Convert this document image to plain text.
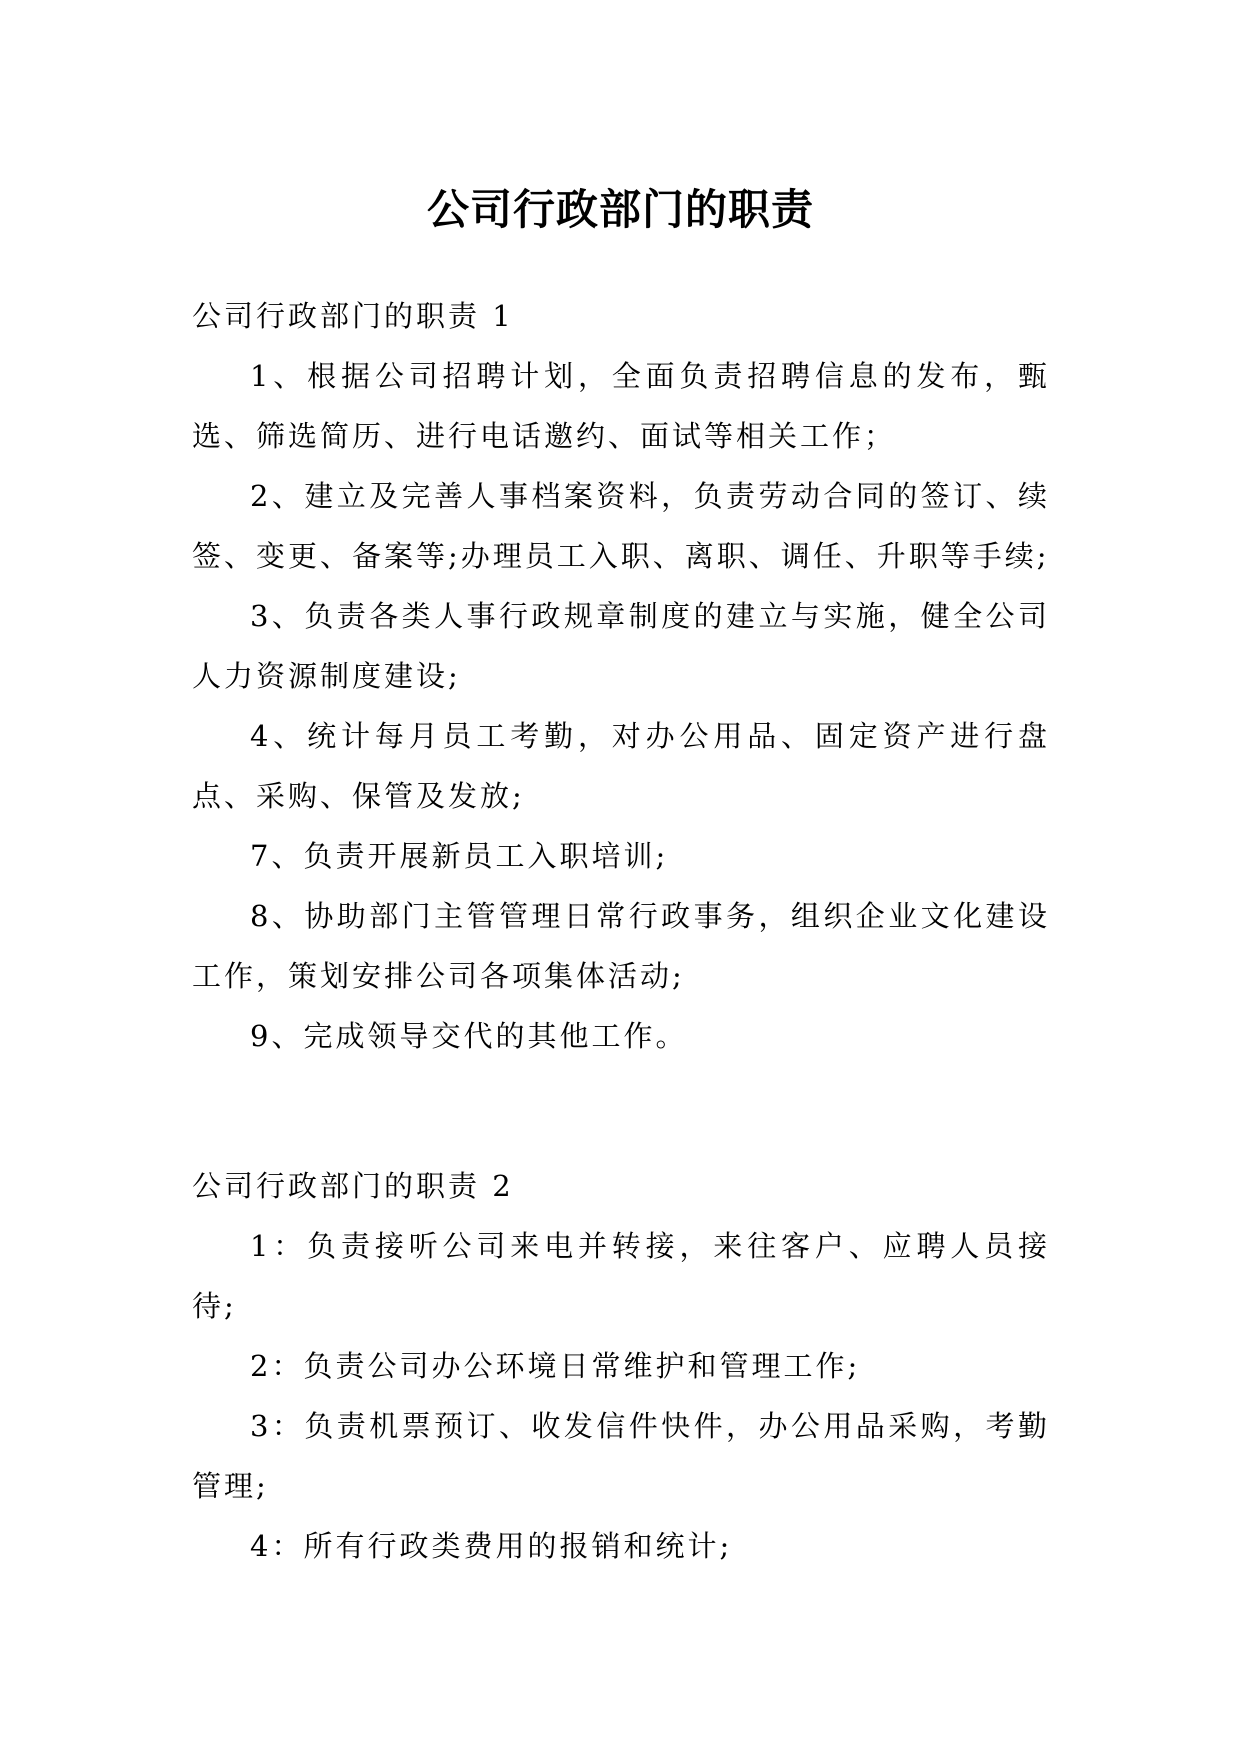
公司行政部门的职责
公司行政部门的职责 1

1、根据公司招聘计划，全面负责招聘信息的发布，甄选、筛选简历、进行电话邀约、面试等相关工作；

2、建立及完善人事档案资料，负责劳动合同的签订、续签、变更、备案等;办理员工入职、离职、调任、升职等手续;

3、负责各类人事行政规章制度的建立与实施，健全公司人力资源制度建设;

4、统计每月员工考勤，对办公用品、固定资产进行盘点、采购、保管及发放;

7、负责开展新员工入职培训;

8、协助部门主管管理日常行政事务，组织企业文化建设工作，策划安排公司各项集体活动;

9、完成领导交代的其他工作。

公司行政部门的职责 2

1：负责接听公司来电并转接，来往客户、应聘人员接待;

2：负责公司办公环境日常维护和管理工作;

3：负责机票预订、收发信件快件，办公用品采购，考勤管理;

4：所有行政类费用的报销和统计;
